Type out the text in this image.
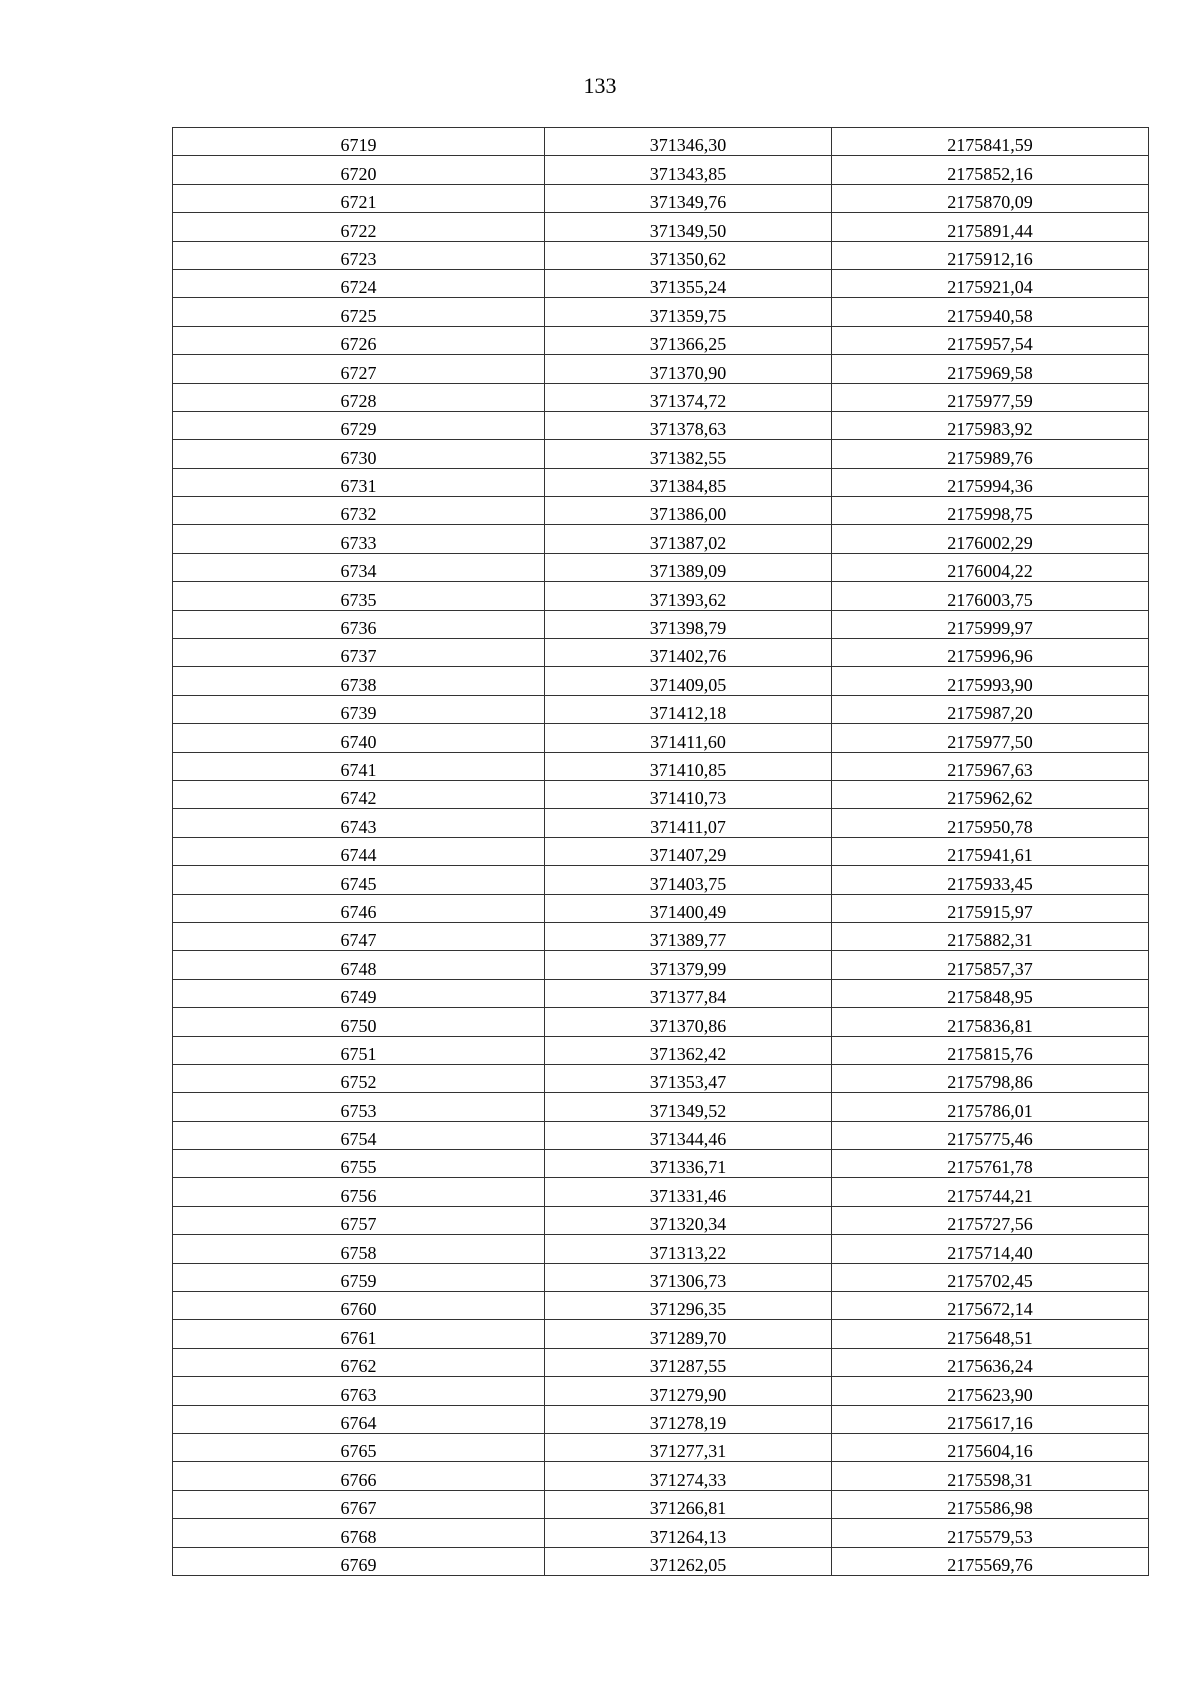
133
6719	371346,30	2175841,59
6720	371343,85	2175852,16
6721	371349,76	2175870,09
6722	371349,50	2175891,44
6723	371350,62	2175912,16
6724	371355,24	2175921,04
6725	371359,75	2175940,58
6726	371366,25	2175957,54
6727	371370,90	2175969,58
6728	371374,72	2175977,59
6729	371378,63	2175983,92
6730	371382,55	2175989,76
6731	371384,85	2175994,36
6732	371386,00	2175998,75
6733	371387,02	2176002,29
6734	371389,09	2176004,22
6735	371393,62	2176003,75
6736	371398,79	2175999,97
6737	371402,76	2175996,96
6738	371409,05	2175993,90
6739	371412,18	2175987,20
6740	371411,60	2175977,50
6741	371410,85	2175967,63
6742	371410,73	2175962,62
6743	371411,07	2175950,78
6744	371407,29	2175941,61
6745	371403,75	2175933,45
6746	371400,49	2175915,97
6747	371389,77	2175882,31
6748	371379,99	2175857,37
6749	371377,84	2175848,95
6750	371370,86	2175836,81
6751	371362,42	2175815,76
6752	371353,47	2175798,86
6753	371349,52	2175786,01
6754	371344,46	2175775,46
6755	371336,71	2175761,78
6756	371331,46	2175744,21
6757	371320,34	2175727,56
6758	371313,22	2175714,40
6759	371306,73	2175702,45
6760	371296,35	2175672,14
6761	371289,70	2175648,51
6762	371287,55	2175636,24
6763	371279,90	2175623,90
6764	371278,19	2175617,16
6765	371277,31	2175604,16
6766	371274,33	2175598,31
6767	371266,81	2175586,98
6768	371264,13	2175579,53
6769	371262,05	2175569,76
